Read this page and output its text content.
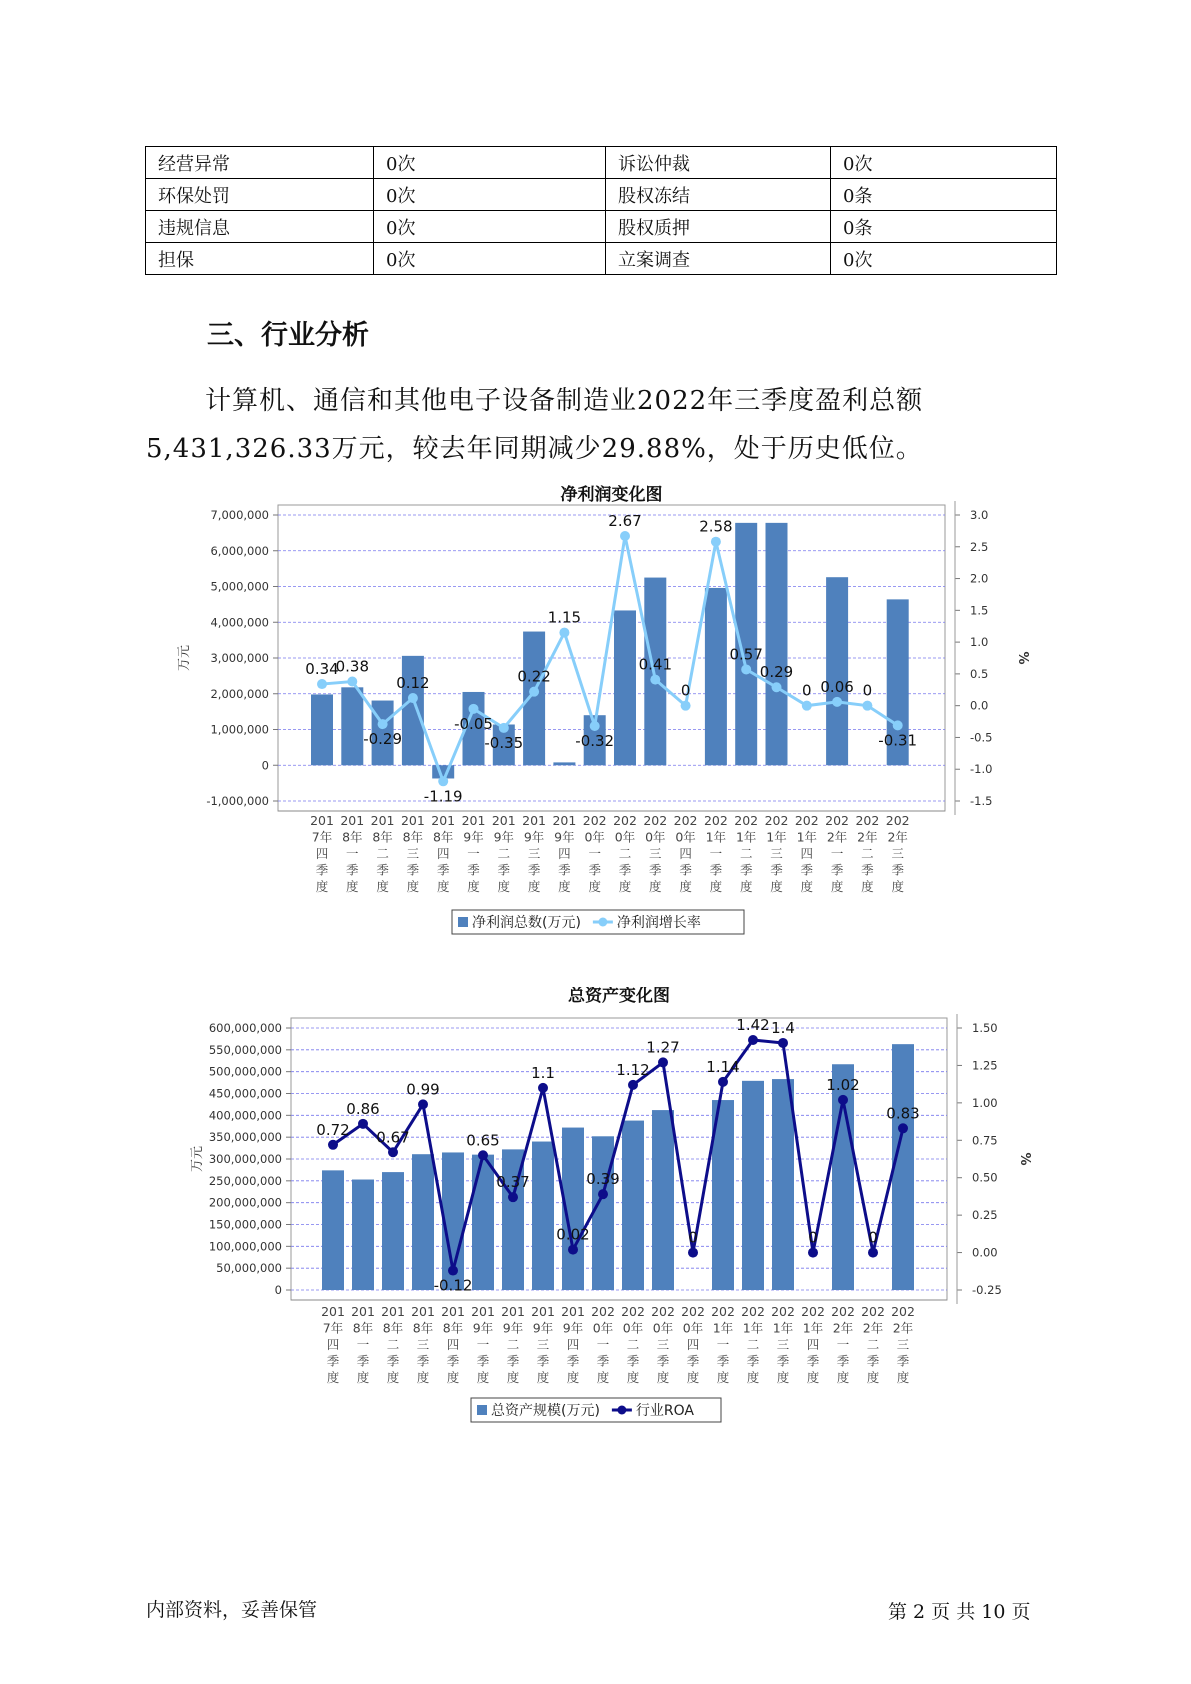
经营异常	0次	诉讼仲裁	0次
环保处罚	0次	股权冻结	0条
违规信息	0次	股权质押	0条
担保	0次	立案调查	0次
三、行业分析

计算机、通信和其他电子设备制造业2022年三季度盈利总额5,431,326.33万元，较去年同期减少29.88%，处于历史低位。

净利润变化图
7,000,000
6,000,000
5,000,000
4,000,000
3,000,000
2,000,000
1,000,000
0
-1,000,000
3.0
2.5
2.0
1.5
1.0
0.5
0.0
-0.5
-1.0
-1.5
万元	%
0.34
0.38
-0.29
0.12
-1.19
-0.05
-0.35
0.22
1.15
-0.32
2.67
0.41
0
2.58
0.57
0.29
0 0.06 0
-0.31
201 7年四季度
201 8年一季度
201 8年二季度
201 8年三季度
201 8年四季度
201 9年一季度
201 9年二季度
201 9年三季度
201 9年四季度
202 0年一季度
202 0年二季度
202 0年三季度
202 0年四季度
202 1年一季度
202 1年二季度
202 1年三季度
202 1年四季度
202 2年一季度
202 2年二季度
202 2年三季度
净利润总数(万元)	净利润增长率
总资产变化图
600,000,000
550,000,000
500,000,000
450,000,000
400,000,000
350,000,000
300,000,000
250,000,000
200,000,000
150,000,000
100,000,000
50,000,000
0
1.50
1.25
1.00
0.75
0.50
0.25
0.00
-0.25
万元	%
0.72
0.86
0.67
0.99
-0.12
0.65
0.37
1.1
0.02
0.39
1.12
1.27
0
1.14
1.42 1.4
0
1.02
0
0.83
201 7年四季度
201 8年一季度
201 8年二季度
201 8年三季度
201 8年四季度
201 9年一季度
201 9年二季度
201 9年三季度
201 9年四季度
202 0年一季度
202 0年二季度
202 0年三季度
202 0年四季度
202 1年一季度
202 1年二季度
202 1年三季度
202 1年四季度
202 2年一季度
202 2年二季度
202 2年三季度
总资产规模(万元)	行业ROA
内部资料，妥善保管	第 2 页 共 10 页
